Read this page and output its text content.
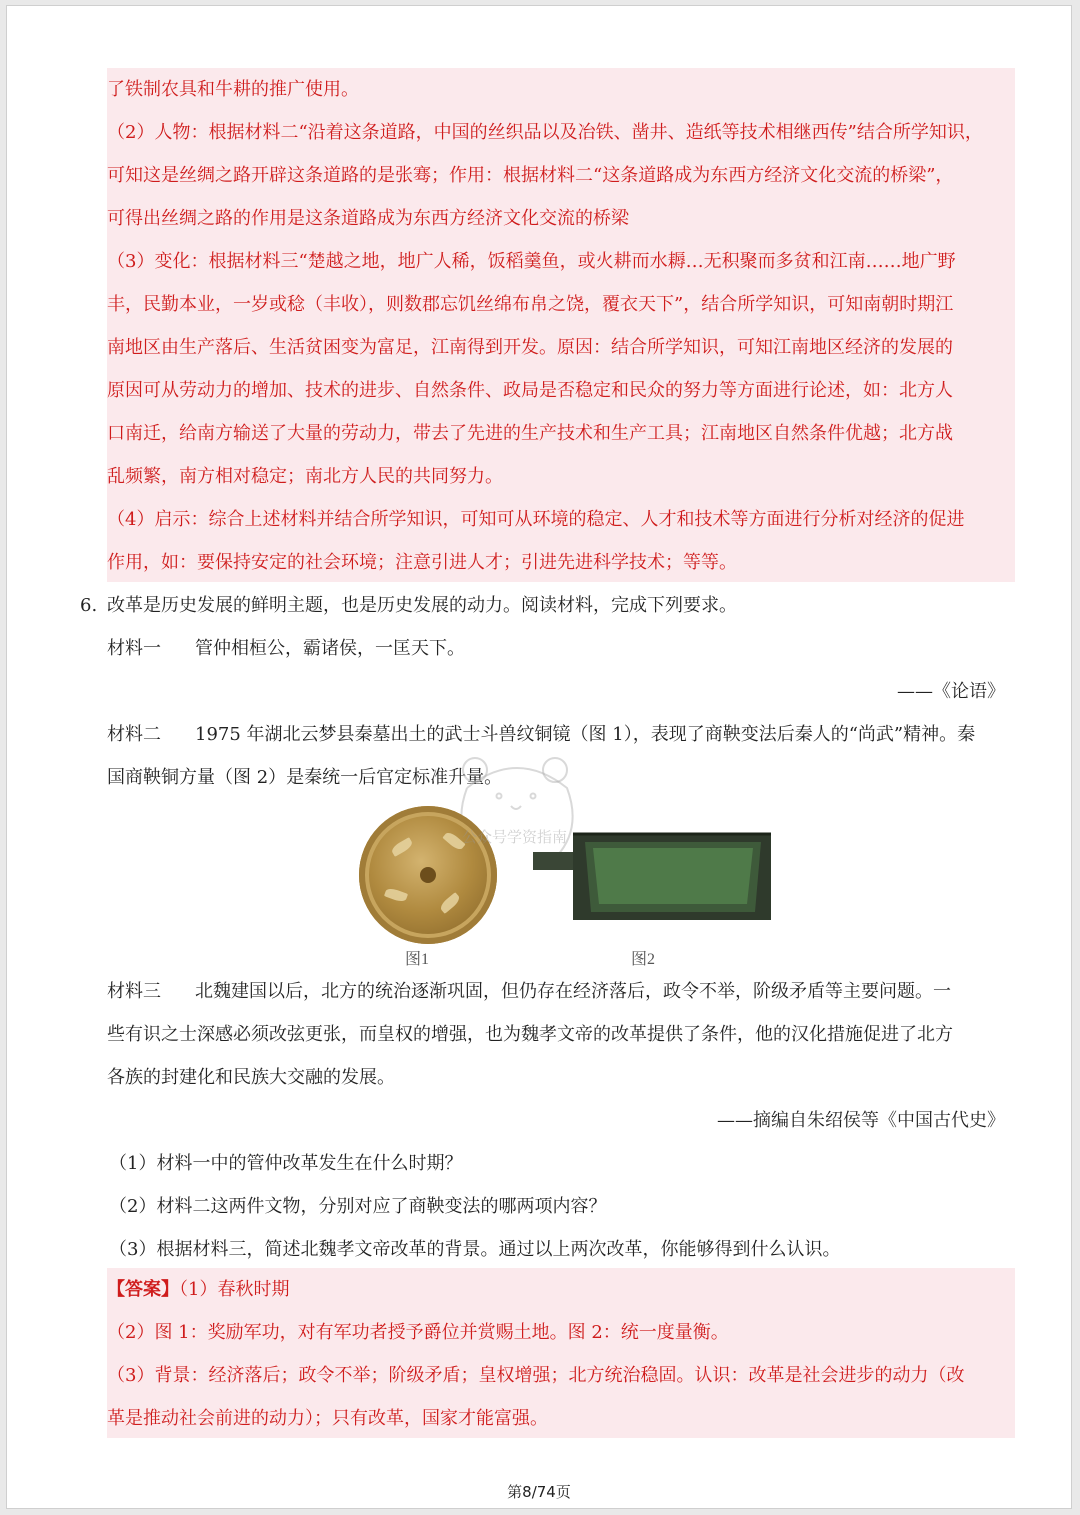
了铁制农具和牛耕的推广使用。
（2）人物：根据材料二“沿着这条道路，中国的丝织品以及冶铁、凿井、造纸等技术相继西传”结合所学知识，
可知这是丝绸之路开辟这条道路的是张骞；作用：根据材料二“这条道路成为东西方经济文化交流的桥梁”，
可得出丝绸之路的作用是这条道路成为东西方经济文化交流的桥梁
（3）变化：根据材料三“楚越之地，地广人稀，饭稻羹鱼，或火耕而水耨…无积聚而多贫和江南……地广野
丰，民勤本业，一岁或稔（丰收），则数郡忘饥丝绵布帛之饶，覆衣天下”，结合所学知识，可知南朝时期江
南地区由生产落后、生活贫困变为富足，江南得到开发。原因：结合所学知识，可知江南地区经济的发展的
原因可从劳动力的增加、技术的进步、自然条件、政局是否稳定和民众的努力等方面进行论述，如：北方人
口南迁，给南方输送了大量的劳动力，带去了先进的生产技术和生产工具；江南地区自然条件优越；北方战
乱频繁，南方相对稳定；南北方人民的共同努力。
（4）启示：综合上述材料并结合所学知识，可知可从环境的稳定、人才和技术等方面进行分析对经济的促进
作用，如：要保持安定的社会环境；注意引进人才；引进先进科学技术；等等。
6. 改革是历史发展的鲜明主题，也是历史发展的动力。阅读材料，完成下列要求。
材料一 管仲相桓公，霸诸侯，一匡天下。
——《论语》
材料二 1975 年湖北云梦县秦墓出土的武士斗兽纹铜镜（图 1），表现了商鞅变法后秦人的“尚武”精神。秦
国商鞅铜方量（图 2）是秦统一后官定标准升量。
图1	图2
公众号学资指南
材料三 北魏建国以后，北方的统治逐渐巩固，但仍存在经济落后，政令不举，阶级矛盾等主要问题。一
些有识之士深感必须改弦更张，而皇权的增强，也为魏孝文帝的改革提供了条件，他的汉化措施促进了北方
各族的封建化和民族大交融的发展。
——摘编自朱绍侯等《中国古代史》
（1）材料一中的管仲改革发生在什么时期？
（2）材料二这两件文物，分别对应了商鞅变法的哪两项内容？
（3）根据材料三，简述北魏孝文帝改革的背景。通过以上两次改革，你能够得到什么认识。
【答案】（1）春秋时期
（2）图 1：奖励军功，对有军功者授予爵位并赏赐土地。图 2：统一度量衡。
（3）背景：经济落后；政令不举；阶级矛盾；皇权增强；北方统治稳固。认识：改革是社会进步的动力（改
革是推动社会前进的动力）；只有改革，国家才能富强。
第8/74页
